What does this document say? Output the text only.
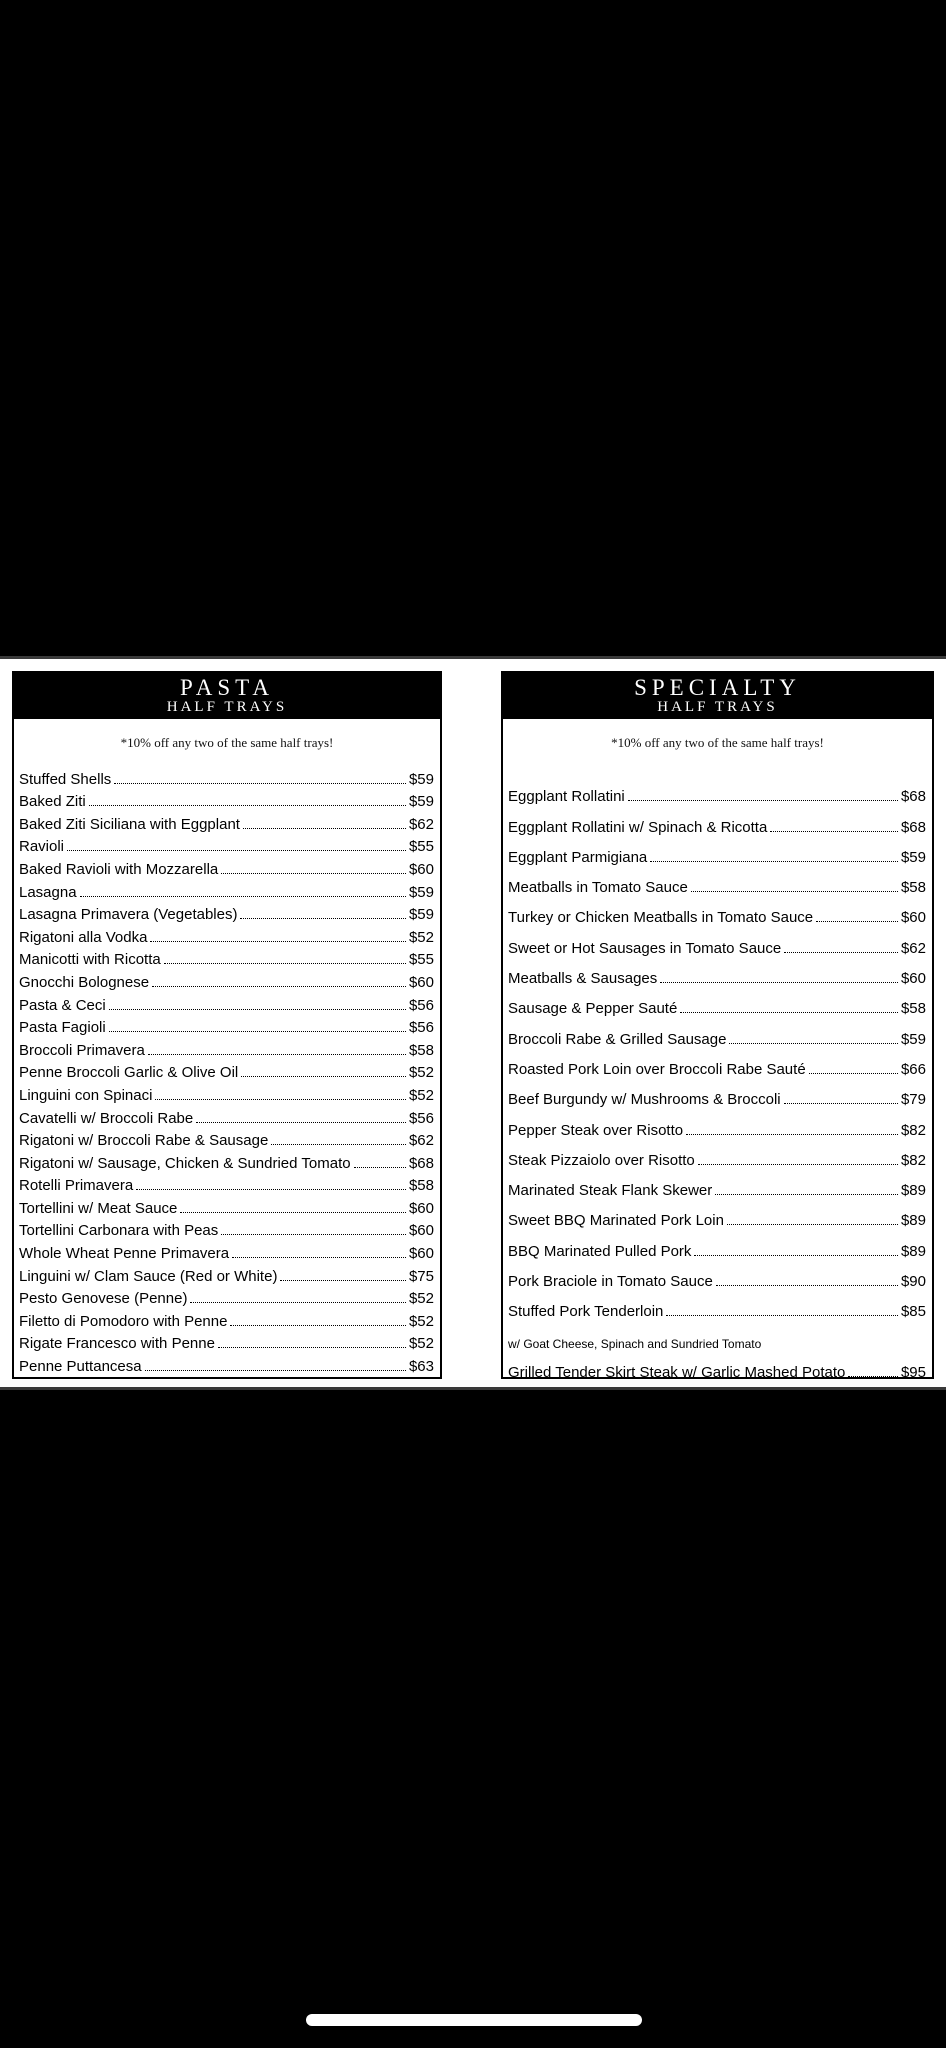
PASTA
HALF TRAYS
*10% off any two of the same half trays!
Stuffed Shells	$59
Baked Ziti	$59
Baked Ziti Siciliana with Eggplant	$62
Ravioli	$55
Baked Ravioli with Mozzarella	$60
Lasagna	$59
Lasagna Primavera (Vegetables)	$59
Rigatoni alla Vodka	$52
Manicotti with Ricotta	$55
Gnocchi Bolognese	$60
Pasta & Ceci	$56
Pasta Fagioli	$56
Broccoli Primavera	$58
Penne Broccoli Garlic & Olive Oil	$52
Linguini con Spinaci	$52
Cavatelli w/ Broccoli Rabe	$56
Rigatoni w/ Broccoli Rabe & Sausage	$62
Rigatoni w/ Sausage, Chicken & Sundried Tomato	$68
Rotelli Primavera	$58
Tortellini w/ Meat Sauce	$60
Tortellini Carbonara with Peas	$60
Whole Wheat Penne Primavera	$60
Linguini w/ Clam Sauce (Red or White)	$75
Pesto Genovese (Penne)	$52
Filetto di Pomodoro with Penne	$52
Rigate Francesco with Penne	$52
Penne Puttancesa	$63
SPECIALTY
HALF TRAYS
*10% off any two of the same half trays!
Eggplant Rollatini	$68
Eggplant Rollatini w/ Spinach & Ricotta	$68
Eggplant Parmigiana	$59
Meatballs in Tomato Sauce	$58
Turkey or Chicken Meatballs in Tomato Sauce	$60
Sweet or Hot Sausages in Tomato Sauce	$62
Meatballs & Sausages	$60
Sausage & Pepper Sauté	$58
Broccoli Rabe & Grilled Sausage	$59
Roasted Pork Loin over Broccoli Rabe Sauté	$66
Beef Burgundy w/ Mushrooms & Broccoli	$79
Pepper Steak over Risotto	$82
Steak Pizzaiolo over Risotto	$82
Marinated Steak Flank Skewer	$89
Sweet BBQ Marinated Pork Loin	$89
BBQ Marinated Pulled Pork	$89
Pork Braciole in Tomato Sauce	$90
Stuffed Pork Tenderloin	$85
w/ Goat Cheese, Spinach and Sundried Tomato
Grilled Tender Skirt Steak w/ Garlic Mashed Potato	$95
